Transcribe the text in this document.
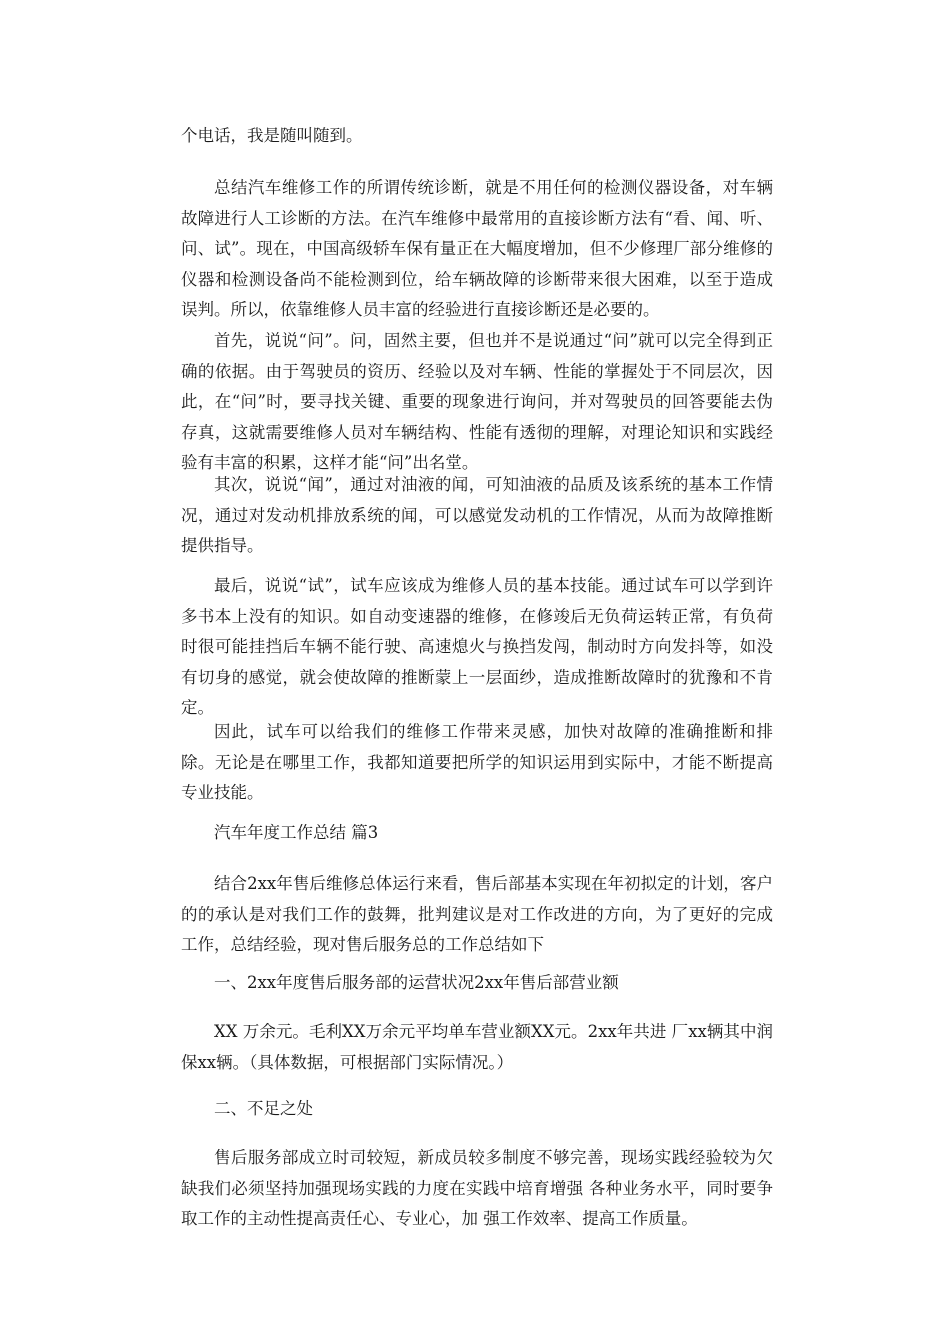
个电话，我是随叫随到。

总结汽车维修工作的所谓传统诊断，就是不用任何的检测仪器设备，对车辆故障进行人工诊断的方法。在汽车维修中最常用的直接诊断方法有“看、闻、听、问、试”。现在，中国高级轿车保有量正在大幅度增加，但不少修理厂部分维修的仪器和检测设备尚不能检测到位，给车辆故障的诊断带来很大困难，以至于造成误判。所以，依靠维修人员丰富的经验进行直接诊断还是必要的。

首先，说说“问”。问，固然主要，但也并不是说通过“问”就可以完全得到正确的依据。由于驾驶员的资历、经验以及对车辆、性能的掌握处于不同层次，因此，在“问”时，要寻找关键、重要的现象进行询问，并对驾驶员的回答要能去伪存真，这就需要维修人员对车辆结构、性能有透彻的理解，对理论知识和实践经验有丰富的积累，这样才能“问”出名堂。

其次，说说“闻”，通过对油液的闻，可知油液的品质及该系统的基本工作情况，通过对发动机排放系统的闻，可以感觉发动机的工作情况，从而为故障推断提供指导。

最后，说说“试”，试车应该成为维修人员的基本技能。通过试车可以学到许多书本上没有的知识。如自动变速器的维修，在修竣后无负荷运转正常，有负荷时很可能挂挡后车辆不能行驶、高速熄火与换挡发闯，制动时方向发抖等，如没有切身的感觉，就会使故障的推断蒙上一层面纱，造成推断故障时的犹豫和不肯定。

因此，试车可以给我们的维修工作带来灵感，加快对故障的准确推断和排除。无论是在哪里工作，我都知道要把所学的知识运用到实际中，才能不断提高专业技能。

汽车年度工作总结 篇3

结合2xx年售后维修总体运行来看，售后部基本实现在年初拟定的计划，客户的的承认是对我们工作的鼓舞，批判建议是对工作改进的方向，为了更好的完成工作，总结经验，现对售后服务总的工作总结如下

一、2xx年度售后服务部的运营状况2xx年售后部营业额

XX 万余元。毛利XX万余元平均单车营业额XX元。2xx年共进 厂xx辆其中润保xx辆。（具体数据，可根据部门实际情况。）

二、不足之处

售后服务部成立时司较短，新成员较多制度不够完善，现场实践经验较为欠缺我们必须坚持加强现场实践的力度在实践中培育增强 各种业务水平，同时要争取工作的主动性提高责任心、专业心，加 强工作效率、提高工作质量。
